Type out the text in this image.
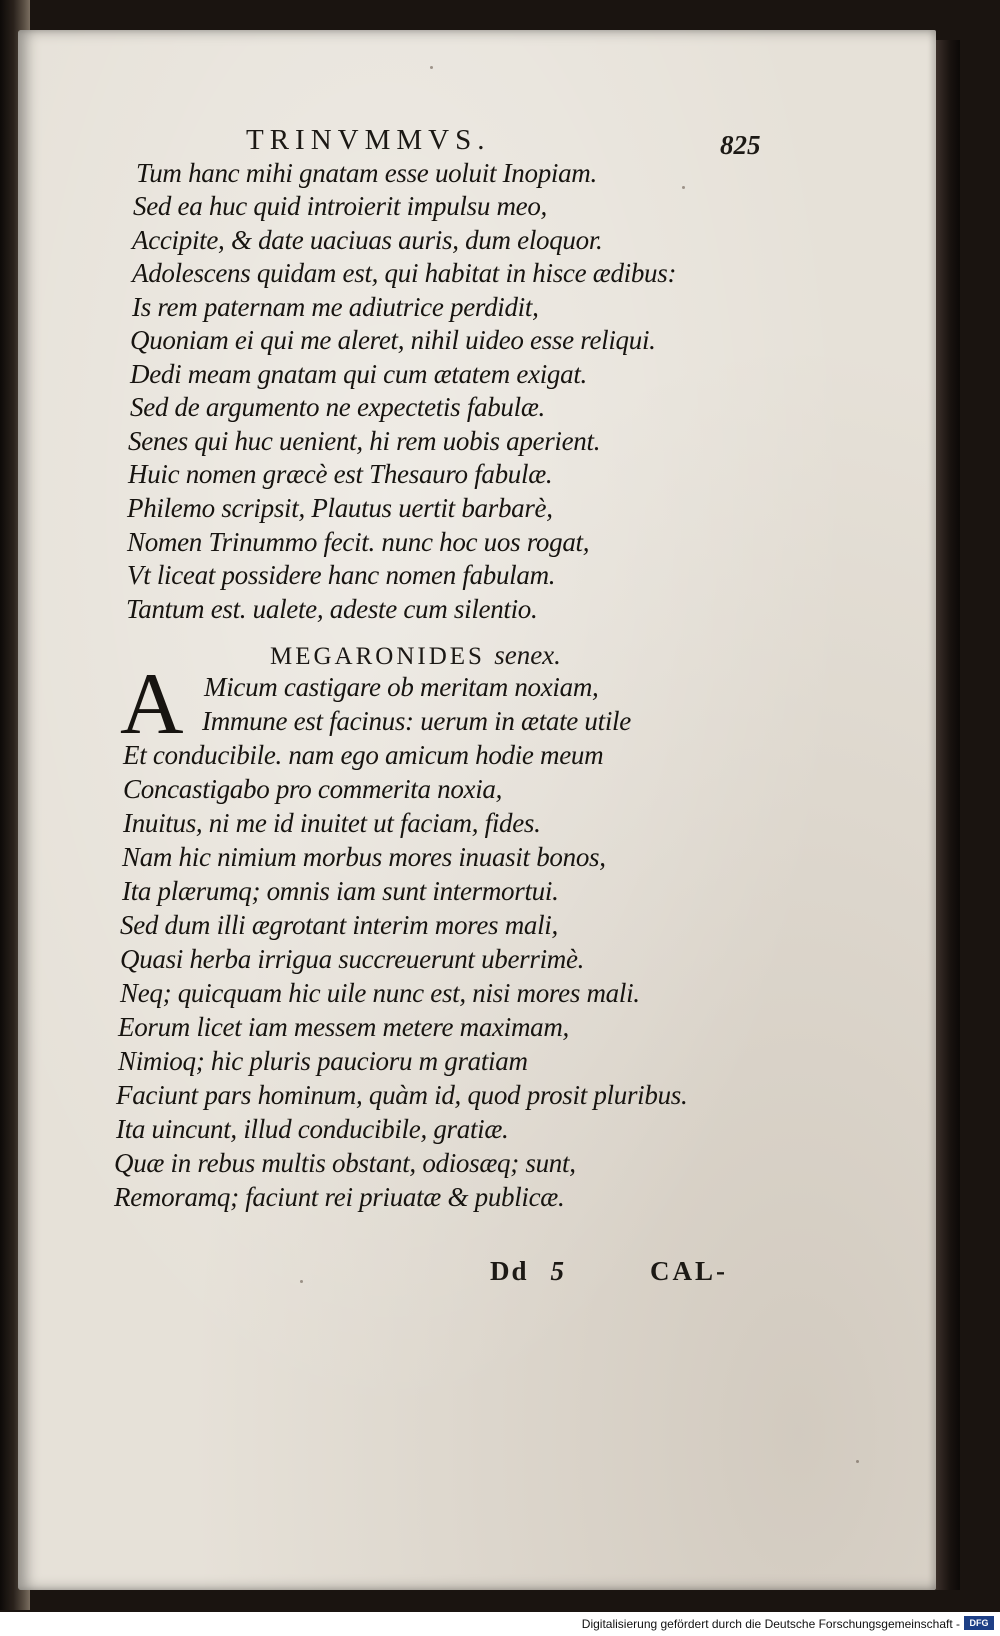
TRINVMMVS.	825
Tum hanc mihi gnatam esse uoluit Inopiam.
Sed ea huc quid introierit impulsu meo,
Accipite, & date uaciuas auris, dum eloquor.
Adolescens quidam est, qui habitat in hisce ædibus:
Is rem paternam me adiutrice perdidit,
Quoniam ei qui me aleret, nihil uideo esse reliqui.
Dedi meam gnatam qui cum ætatem exigat.
Sed de argumento ne expectetis fabulæ.
Senes qui huc uenient, hi rem uobis aperient.
Huic nomen græcè est Thesauro fabulæ.
Philemo scripsit, Plautus uertit barbarè,
Nomen Trinummo fecit. nunc hoc uos rogat,
Vt liceat possidere hanc nomen fabulam.
Tantum est. ualete, adeste cum silentio.
MEGARONIDES senex.
A Micum castigare ob meritam noxiam,
Immune est facinus: uerum in ætate utile
Et conducibile. nam ego amicum hodie meum
Concastigabo pro commerita noxia,
Inuitus, ni me id inuitet ut faciam, fides.
Nam hic nimium morbus mores inuasit bonos,
Ita plærumq; omnis iam sunt intermortui.
Sed dum illi ægrotant interim mores mali,
Quasi herba irrigua succreuerunt uberrimè.
Neq; quicquam hic uile nunc est, nisi mores mali.
Eorum licet iam messem metere maximam,
Nimioq; hic pluris paucioru m gratiam
Faciunt pars hominum, quàm id, quod prosit pluribus.
Ita uincunt, illud conducibile, gratiæ.
Quæ in rebus multis obstant, odiosæq; sunt,
Remoramq; faciunt rei priuatæ & publicæ.
Dd 5	CAL-
Digitalisierung gefördert durch die Deutsche Forschungsgemeinschaft -	DFG
